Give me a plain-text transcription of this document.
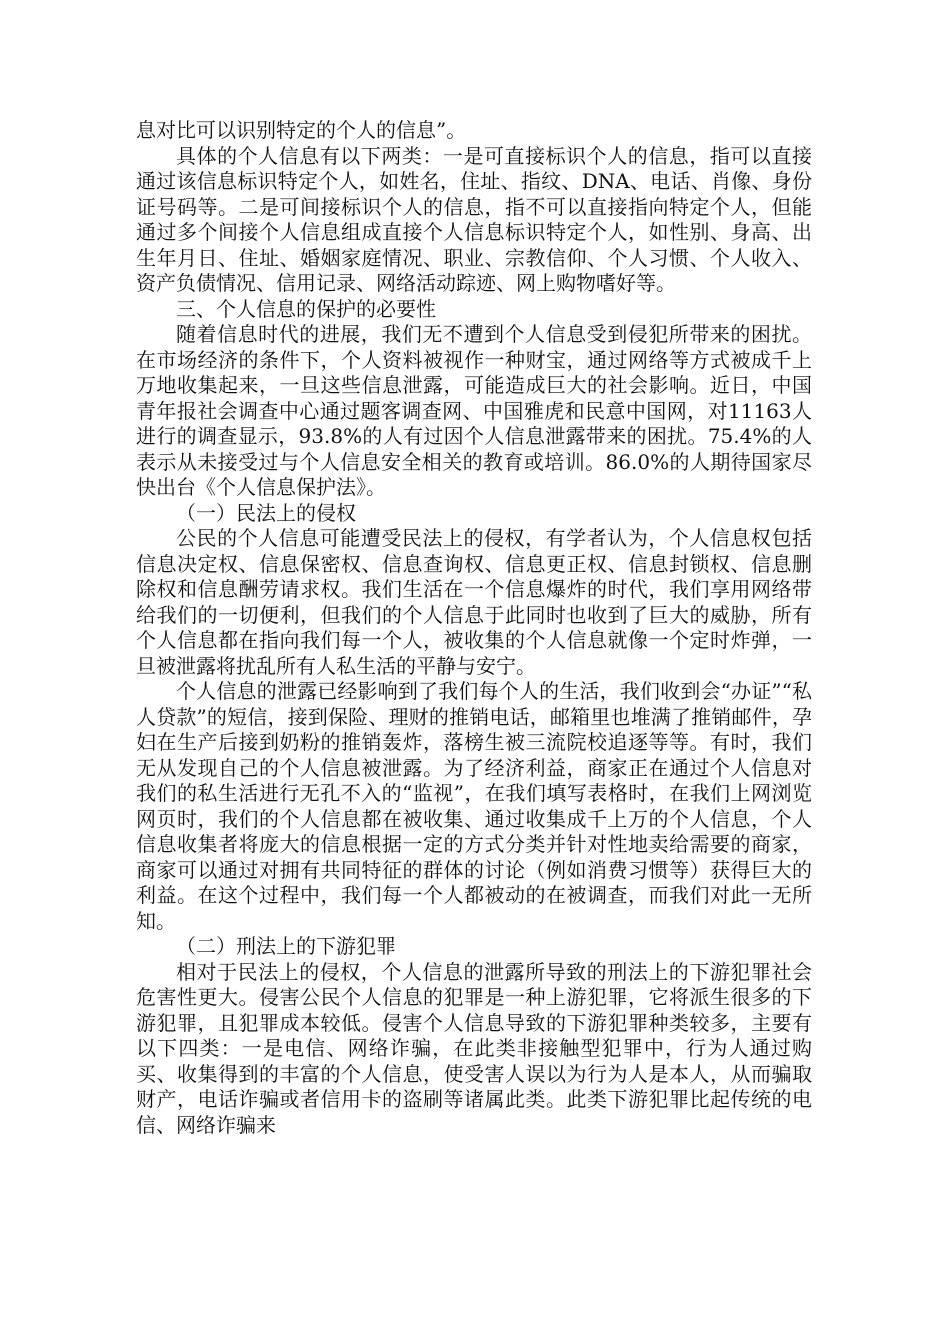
息对比可以识别特定的个人的信息”。

具体的个人信息有以下两类：一是可直接标识个人的信息，指可以直接通过该信息标识特定个人，如姓名，住址、指纹、DNA、电话、肖像、身份证号码等。二是可间接标识个人的信息，指不可以直接指向特定个人，但能通过多个间接个人信息组成直接个人信息标识特定个人，如性别、身高、出生年月日、住址、婚姻家庭情况、职业、宗教信仰、个人习惯、个人收入、资产负债情况、信用记录、网络活动踪迹、网上购物嗜好等。

三、个人信息的保护的必要性

随着信息时代的进展，我们无不遭到个人信息受到侵犯所带来的困扰。在市场经济的条件下，个人资料被视作一种财宝，通过网络等方式被成千上万地收集起来，一旦这些信息泄露，可能造成巨大的社会影响。近日，中国青年报社会调查中心通过题客调查网、中国雅虎和民意中国网，对11163人进行的调查显示，93.8%的人有过因个人信息泄露带来的困扰。75.4%的人表示从未接受过与个人信息安全相关的教育或培训。86.0%的人期待国家尽快出台《个人信息保护法》。

（一）民法上的侵权

公民的个人信息可能遭受民法上的侵权，有学者认为，个人信息权包括信息决定权、信息保密权、信息查询权、信息更正权、信息封锁权、信息删除权和信息酬劳请求权。我们生活在一个信息爆炸的时代，我们享用网络带给我们的一切便利，但我们的个人信息于此同时也收到了巨大的威胁，所有个人信息都在指向我们每一个人，被收集的个人信息就像一个定时炸弹，一旦被泄露将扰乱所有人私生活的平静与安宁。

个人信息的泄露已经影响到了我们每个人的生活，我们收到会“办证”“私人贷款”的短信，接到保险、理财的推销电话，邮箱里也堆满了推销邮件，孕妇在生产后接到奶粉的推销轰炸，落榜生被三流院校追逐等等。有时，我们无从发现自己的个人信息被泄露。为了经济利益，商家正在通过个人信息对我们的私生活进行无孔不入的“监视”，在我们填写表格时，在我们上网浏览网页时，我们的个人信息都在被收集、通过收集成千上万的个人信息，个人信息收集者将庞大的信息根据一定的方式分类并针对性地卖给需要的商家，商家可以通过对拥有共同特征的群体的讨论（例如消费习惯等）获得巨大的利益。在这个过程中，我们每一个人都被动的在被调查，而我们对此一无所知。

（二）刑法上的下游犯罪

相对于民法上的侵权，个人信息的泄露所导致的刑法上的下游犯罪社会危害性更大。侵害公民个人信息的犯罪是一种上游犯罪，它将派生很多的下游犯罪，且犯罪成本较低。侵害个人信息导致的下游犯罪种类较多，主要有以下四类：一是电信、网络诈骗，在此类非接触型犯罪中，行为人通过购买、收集得到的丰富的个人信息，使受害人误以为行为人是本人，从而骗取财产，电话诈骗或者信用卡的盗刷等诸属此类。此类下游犯罪比起传统的电信、网络诈骗来
